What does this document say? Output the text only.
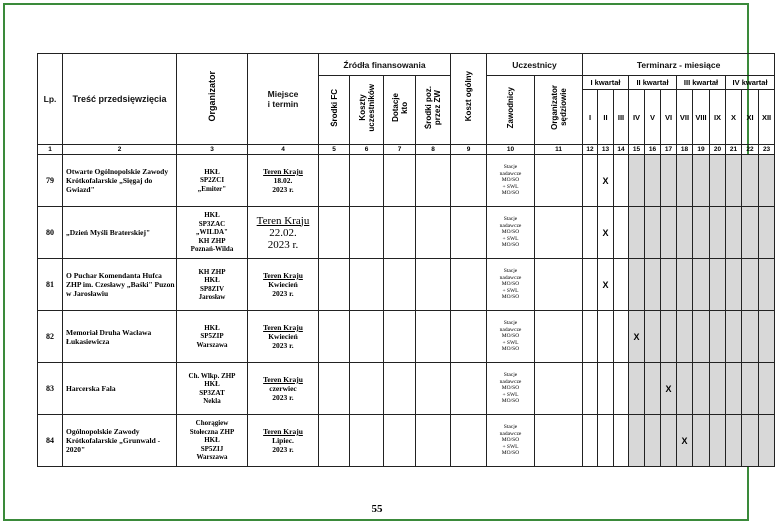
Lp.	Treść przedsięwzięcia	Organizator	Miejsce
i termin	Źródła finansowania				Koszt ogólny	Uczestnicy		Terminarz - miesiące											
				Środki FC	Koszty
uczestników	Dotacje
kto	Środki poz.
przez ZW		Zawodnicy	Organizator
sędziowie	I kwartał			II kwartał			III kwartał			IV kwartał		
											I	II	III	IV	V	VI	VII	VIII	IX	X	XI	XII
1	2	3	4	5	6	7	8	9	10	11	12	13	14	15	16	17	18	19	20	21	22	23
79	Otwarte Ogólnopolskie Zawody Krótkofalarskie „Sięgaj do Gwiazd"	HKŁ
SP2ZCI
„Emiter"	Teren Kraju
18.02.
2023 r.						Stacje
nadawcze
MO/SO
+ SWL
MO/SO			X										
80	„Dzień Myśli Braterskiej"	HKŁ
SP3ZAC
„WILDA"
KH ZHP
Poznań-Wilda	Teren Kraju
22.02.
2023 r.						Stacje
nadawcze
MO/SO
+ SWL
MO/SO			X										
81	O Puchar Komendanta Hufca ZHP im. Czesławy „Baśki" Puzon w Jarosławiu	KH ZHP
HKŁ
SP8ZIV
Jarosław	Teren Kraju
Kwiecień
2023 r.						Stacje
nadawcze
MO/SO
+ SWL
MO/SO			X										
82	Memoriał Druha Wacława Łukasiewicza	HKŁ
SP5ZIP
Warszawa	Teren Kraju
Kwiecień
2023 r.						Stacje
nadawcze
MO/SO
+ SWL
MO/SO					X								
83	Harcerska Fala	Ch. Wlkp. ZHP
HKŁ
SP3ZAT
Nekla	Teren Kraju
czerwiec
2023 r.						Stacje
nadawcze
MO/SO
+ SWL
MO/SO							X						
84	Ogólnopolskie Zawody Krótkofalarskie „Grunwald - 2020"	Chorągiew
Stołeczna ZHP
HKŁ
SP5ZIJ
Warszawa	Teren Kraju
Lipiec.
2023 r.						Stacje
nadawcze
MO/SO
+ SWL
MO/SO								X					
55
